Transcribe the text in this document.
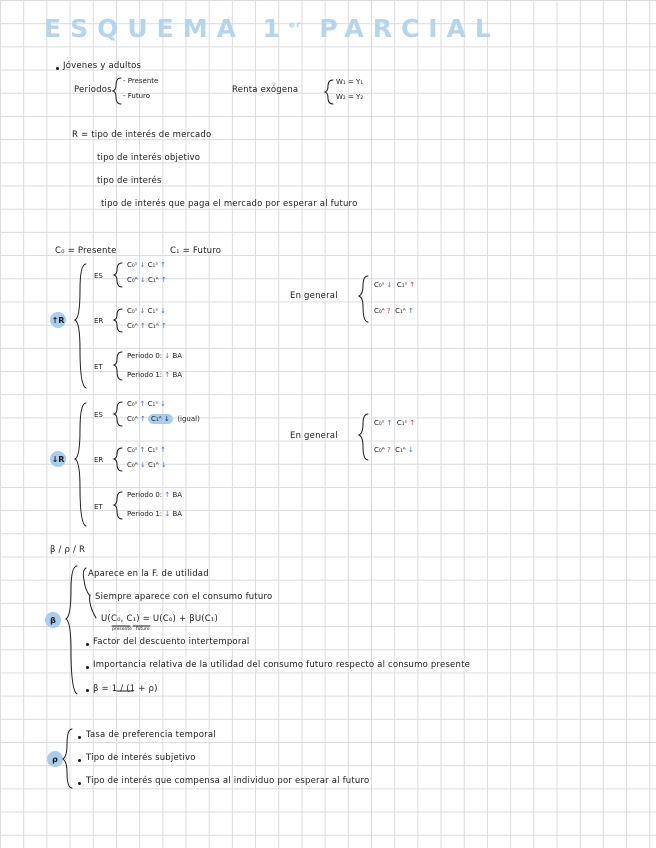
ESQUEMA 1er PARCIAL
Jóvenes y adultos
Periodos
- Presente
- Futuro
Renta exógena
W₁ = Y₁
W₂ = Y₂
R = tipo de interés de mercado
tipo de interés objetivo
tipo de interés
tipo de interés que paga el mercado por esperar al futuro
C₀ = Presente	C₁ = Futuro
↑R
ES
C₀ˢ ↓ C₁ˢ ↑
C₀ᴬ ↓ C₁ᴬ ↑
ER
C₀ˢ ↓ C₁ˢ ↓
C₀ᴬ ↑ C₁ᴬ ↑
ET
Periodo 0: ↓ BA
Periodo 1: ↑ BA
En general
C₀ˢ ↓ C₁ˢ ↑
C₀ᴬ ? C₁ᴬ ↑
↓R
ES
C₀ˢ ↑ C₁ˢ ↓
C₀ᴬ ↑ C₁ᴬ ↓ (igual)
ER
C₀ˢ ↑ C₁ˢ ↑
C₀ᴬ ↓ C₁ᴬ ↓
ET
Periodo 0: ↑ BA
Periodo 1: ↓ BA
En general
C₀ˢ ↑ C₁ˢ ↑
C₀ᴬ ? C₁ᴬ ↓
β / ρ / R
β
Aparece en la F. de utilidad
Siempre aparece con el consumo futuro
U(C₀, C₁) = U(C₀) + βU(C₁)
presente futuro
Factor del descuento intertemporal
Importancia relativa de la utilidad del consumo futuro respecto al consumo presente
β = 1 / (1 + ρ)
ρ
Tasa de preferencia temporal
Tipo de interés subjetivo
Tipo de interés que compensa al individuo por esperar al futuro
